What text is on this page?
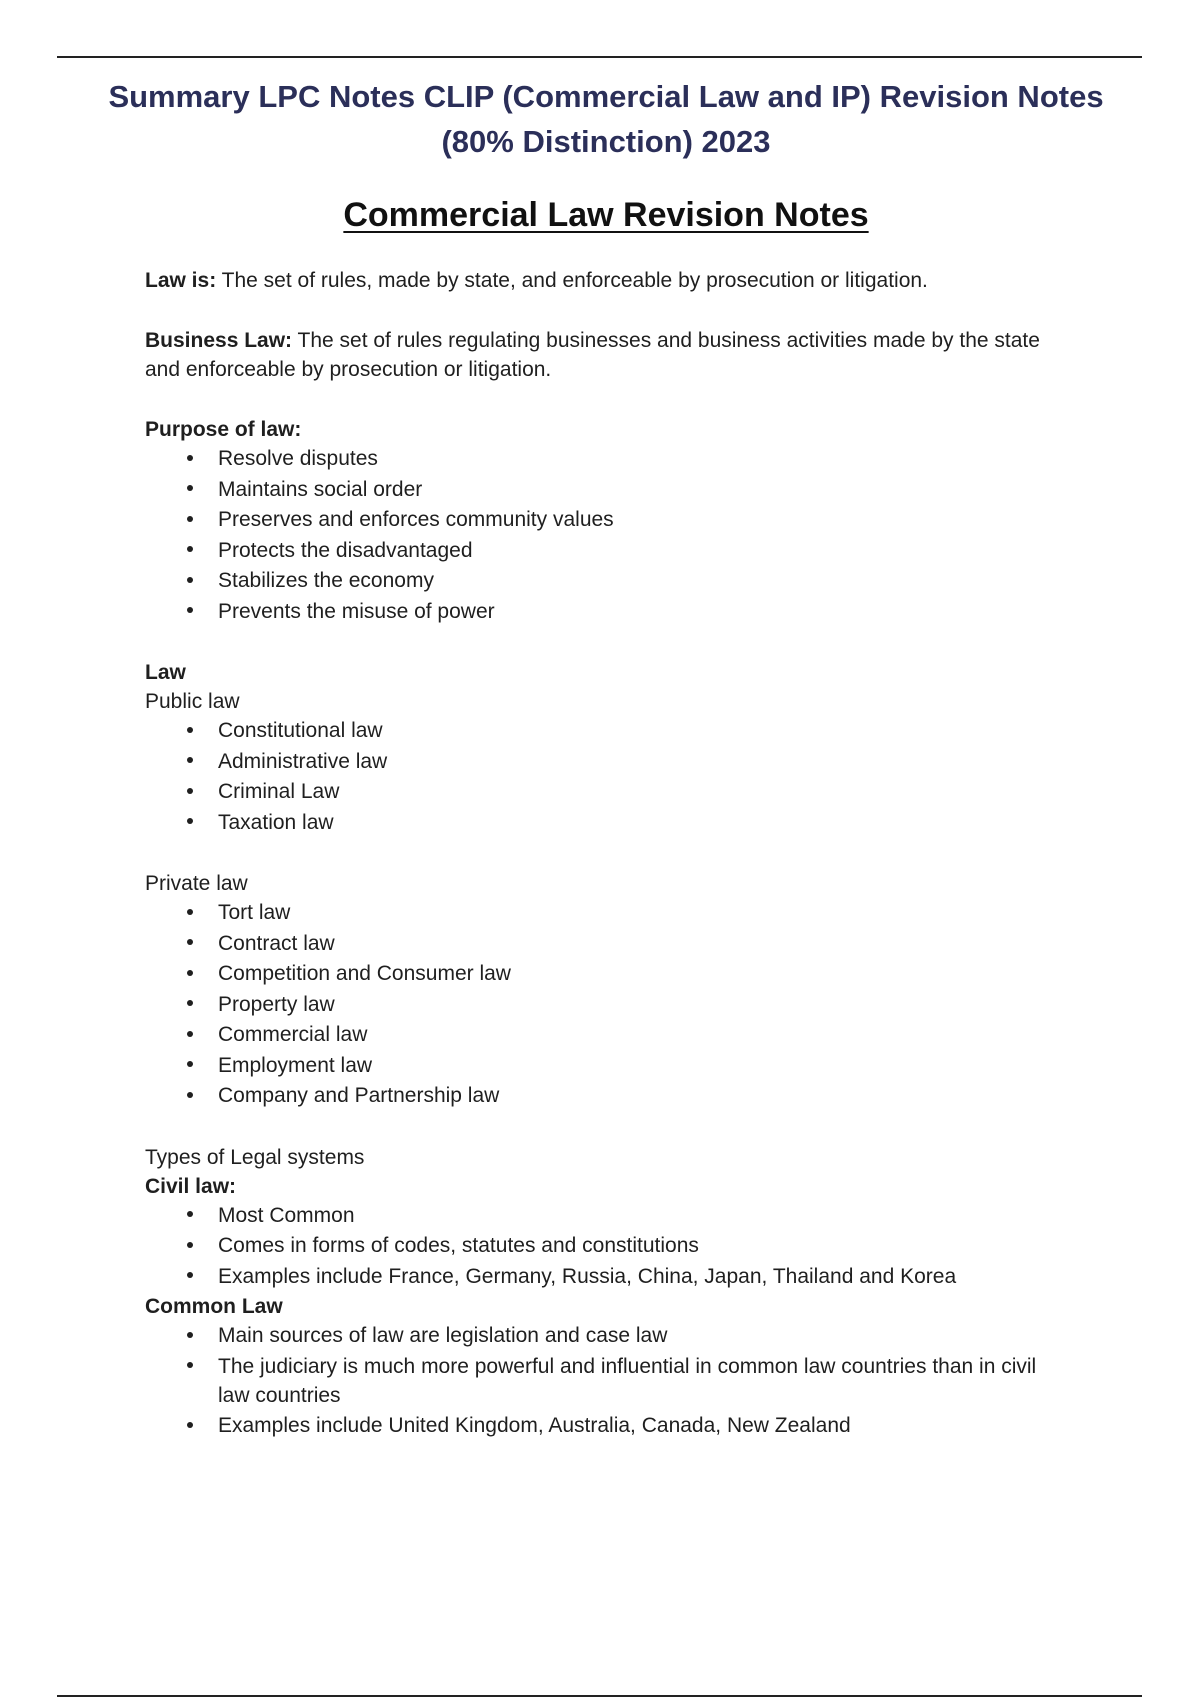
Summary LPC Notes CLIP (Commercial Law and IP) Revision Notes (80% Distinction) 2023
Commercial Law Revision Notes

Law is: The set of rules, made by state, and enforceable by prosecution or litigation.

Business Law: The set of rules regulating businesses and business activities made by the state and enforceable by prosecution or litigation.

Purpose of law:

Resolve disputes
Maintains social order
Preserves and enforces community values
Protects the disadvantaged
Stabilizes the economy
Prevents the misuse of power

Law

Public law

Constitutional law
Administrative law
Criminal Law
Taxation law

Private law

Tort law
Contract law
Competition and Consumer law
Property law
Commercial law
Employment law
Company and Partnership law

Types of Legal systems

Civil law:

Most Common
Comes in forms of codes, statutes and constitutions
Examples include France, Germany, Russia, China, Japan, Thailand and Korea

Common Law

Main sources of law are legislation and case law
The judiciary is much more powerful and influential in common law countries than in civil law countries
Examples include United Kingdom, Australia, Canada, New Zealand
